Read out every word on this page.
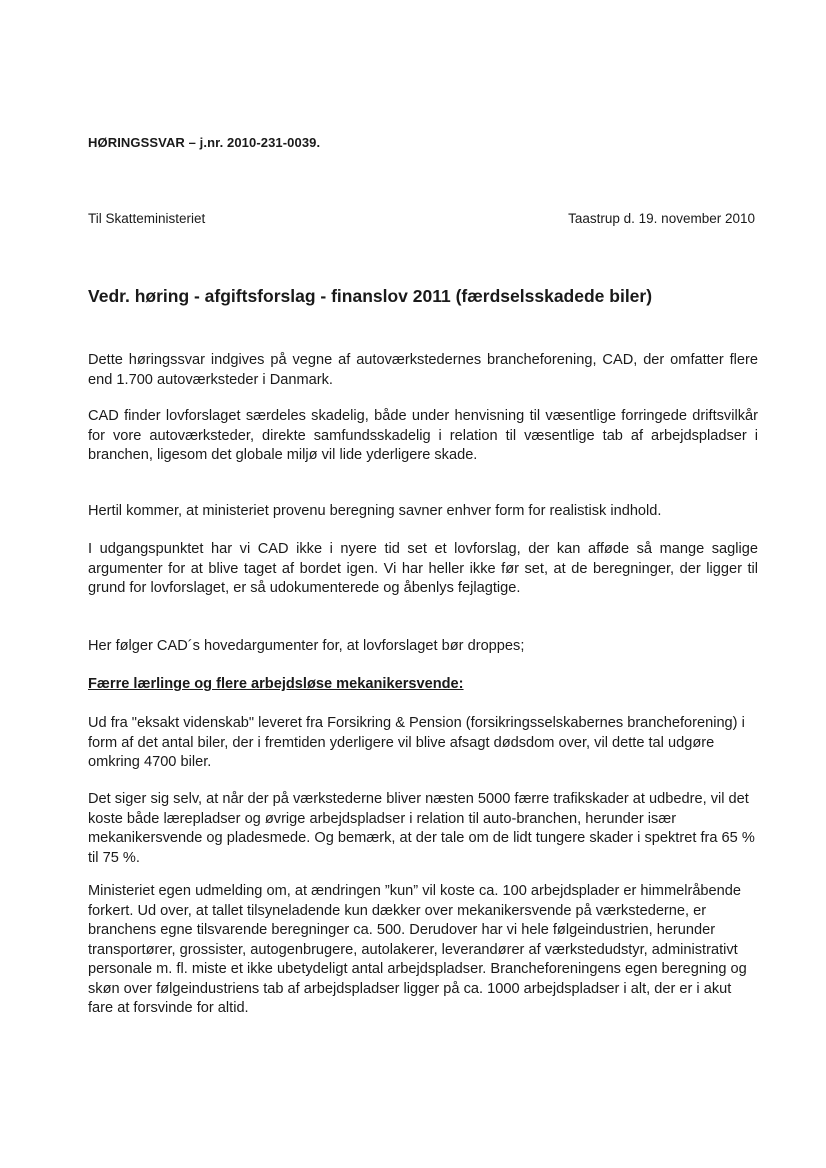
HØRINGSSVAR – j.nr. 2010-231-0039.
Til Skatteministeriet	Taastrup d. 19. november 2010
Vedr. høring - afgiftsforslag - finanslov 2011 (færdselsskadede biler)
Dette høringssvar indgives på vegne af autoværkstedernes brancheforening, CAD, der omfatter flere end 1.700 autoværksteder i Danmark.
CAD finder lovforslaget særdeles skadelig, både under henvisning til væsentlige forringede driftsvilkår for vore autoværksteder, direkte samfundsskadelig i relation til væsentlige tab af arbejdspladser i branchen, ligesom det globale miljø vil lide yderligere skade.
Hertil kommer, at ministeriet provenu beregning savner enhver form for realistisk indhold.
I udgangspunktet har vi CAD ikke i nyere tid set et lovforslag, der kan afføde så mange saglige argumenter for at blive taget af bordet igen. Vi har heller ikke før set, at de beregninger, der ligger til grund for lovforslaget, er så udokumenterede og åbenlys fejlagtige.
Her følger CAD´s hovedargumenter for, at lovforslaget bør droppes;
Færre lærlinge og flere arbejdsløse mekanikersvende:
Ud fra "eksakt videnskab" leveret fra Forsikring & Pension (forsikringsselskabernes brancheforening) i form af det antal biler, der i fremtiden yderligere vil blive afsagt dødsdom over, vil dette tal udgøre omkring 4700 biler.
Det siger sig selv, at når der på værkstederne bliver næsten 5000 færre trafikskader at udbedre, vil det koste både lærepladser og øvrige arbejdspladser i relation til auto-branchen, herunder især mekanikersvende og pladesmede. Og bemærk, at der tale om de lidt tungere skader i spektret fra 65 % til 75 %.
Ministeriet egen udmelding om, at ændringen ”kun” vil koste ca. 100 arbejdsplader er himmelråbende forkert. Ud over, at tallet tilsyneladende kun dækker over mekanikersvende på værkstederne, er branchens egne tilsvarende beregninger ca. 500. Derudover har vi hele følgeindustrien, herunder transportører, grossister, autogenbrugere, autolakerer, leverandører af værkstedudstyr, administrativt personale m. fl. miste et ikke ubetydeligt antal arbejdspladser. Brancheforeningens egen beregning og skøn over følgeindustriens tab af arbejdspladser ligger på ca. 1000 arbejdspladser i alt, der er i akut fare at forsvinde for altid.
